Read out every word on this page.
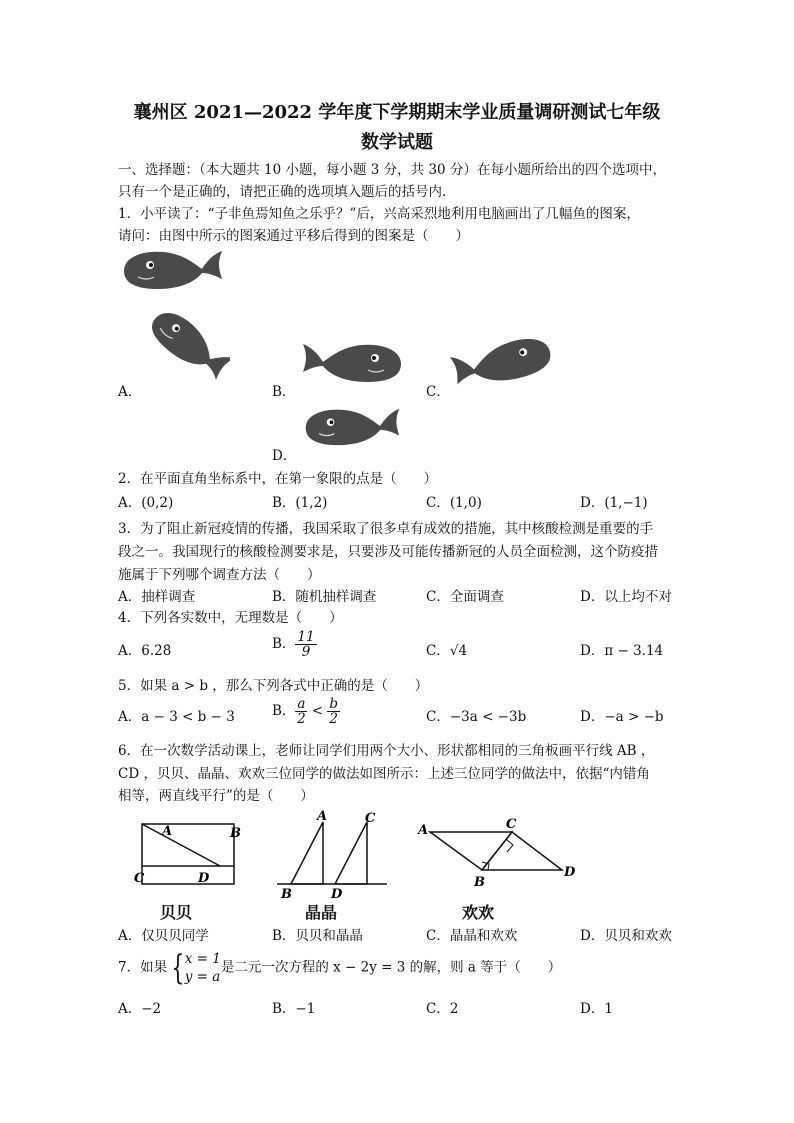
襄州区 2021—2022 学年度下学期期末学业质量调研测试七年级
数学试题
一、选择题：（本大题共 10 小题，每小题 3 分，共 30 分）在每小题所给出的四个选项中，
只有一个是正确的，请把正确的选项填入题后的括号内.
1．小平读了：“子非鱼焉知鱼之乐乎？”后，兴高采烈地利用电脑画出了几幅鱼的图案，
请问：由图中所示的图案通过平移后得到的图案是（　　）
A．	B．	C．
D．
2．在平面直角坐标系中，在第一象限的点是（　　）
A．(0,2)	B．(1,2)	C．(1,0)	D．(1,−1)
3．为了阻止新冠疫情的传播，我国采取了很多卓有成效的措施，其中核酸检测是重要的手
段之一。我国现行的核酸检测要求是，只要涉及可能传播新冠的人员全面检测，这个防疫措
施属于下列哪个调查方法（　　）
A．抽样调查	B．随机抽样调查	C．全面调查	D．以上均不对
4．下列各实数中，无理数是（　　）
A．6.2̇8̇	B． $\frac{11}{9}$	C．√4	D．π − 3.14
5．如果 a > b ，那么下列各式中正确的是（　　）
A．a − 3 < b − 3	B． $\frac{a}{2} < \frac{b}{2}$	C．−3a < −3b	D．−a > −b
6．在一次数学活动课上，老师让同学们用两个大小、形状都相同的三角板画平行线 AB ，
CD ，贝贝、晶晶、欢欢三位同学的做法如图所示：上述三位同学的做法中，依据“内错角
相等，两直线平行”的是（　　）
A	B
C	D
A	C
B	D
A	C
B
D
贝贝	晶晶	欢欢
A．仅贝贝同学	B．贝贝和晶晶	C．晶晶和欢欢	D．贝贝和欢欢
7．如果 { x = 1
y = a
是二元一次方程的 x − 2y = 3 的解，则 a 等于（　　）
A．−2	B．−1	C．2	D．1
